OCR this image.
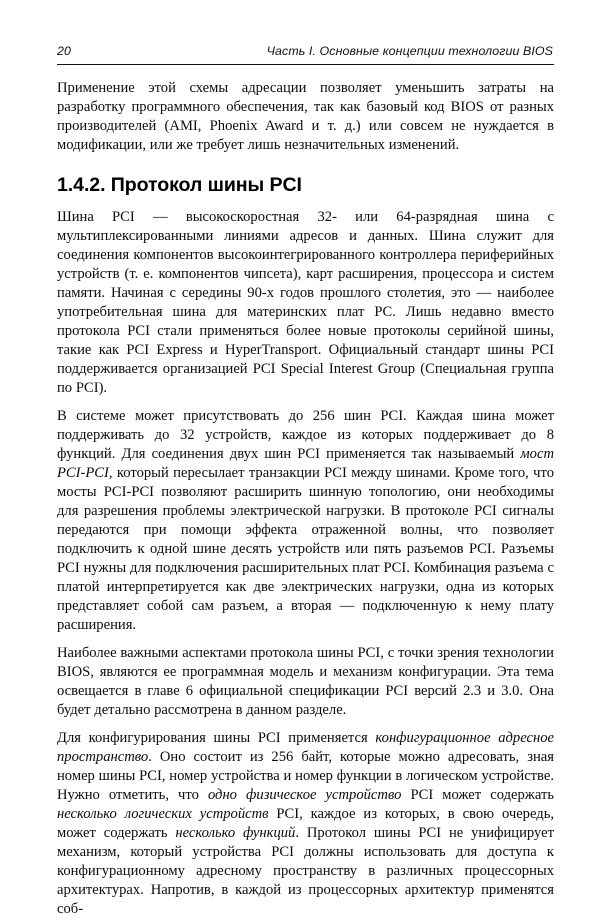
20	Часть I. Основные концепции технологии BIOS

Применение этой схемы адресации позволяет уменьшить затраты на разработку программного обеспечения, так как базовый код BIOS от разных производителей (AMI, Phoenix Award и т. д.) или совсем не нуждается в модификации, или же требует лишь незначительных изменений.

1.4.2. Протокол шины PCI

Шина PCI — высокоскоростная 32- или 64-разрядная шина с мультиплексированными линиями адресов и данных. Шина служит для соединения компонентов высокоинтегрированного контроллера периферийных устройств (т. е. компонентов чипсета), карт расширения, процессора и систем памяти. Начиная с середины 90-х годов прошлого столетия, это — наиболее употребительная шина для материнских плат PC. Лишь недавно вместо протокола PCI стали применяться более новые протоколы серийной шины, такие как PCI Express и HyperTransport. Официальный стандарт шины PCI поддерживается организацией PCI Special Interest Group (Специальная группа по PCI).

В системе может присутствовать до 256 шин PCI. Каждая шина может поддерживать до 32 устройств, каждое из которых поддерживает до 8 функций. Для соединения двух шин PCI применяется так называемый мост PCI-PCI, который пересылает транзакции PCI между шинами. Кроме того, что мосты PCI-PCI позволяют расширить шинную топологию, они необходимы для разрешения проблемы электрической нагрузки. В протоколе PCI сигналы передаются при помощи эффекта отраженной волны, что позволяет подключить к одной шине десять устройств или пять разъемов PCI. Разъемы PCI нужны для подключения расширительных плат PCI. Комбинация разъема с платой интерпретируется как две электрических нагрузки, одна из которых представляет собой сам разъем, а вторая — подключенную к нему плату расширения.

Наиболее важными аспектами протокола шины PCI, с точки зрения технологии BIOS, являются ее программная модель и механизм конфигурации. Эта тема освещается в главе 6 официальной спецификации PCI версий 2.3 и 3.0. Она будет детально рассмотрена в данном разделе.

Для конфигурирования шины PCI применяется конфигурационное адресное пространство. Оно состоит из 256 байт, которые можно адресовать, зная номер шины PCI, номер устройства и номер функции в логическом устройстве. Нужно отметить, что одно физическое устройство PCI может содержать несколько логических устройств PCI, каждое из которых, в свою очередь, может содержать несколько функций. Протокол шины PCI не унифицирует механизм, который устройства PCI должны использовать для доступа к конфигурационному адресному пространству в различных процессорных архитектурах. Напротив, в каждой из процессорных архитектур применятся соб-
